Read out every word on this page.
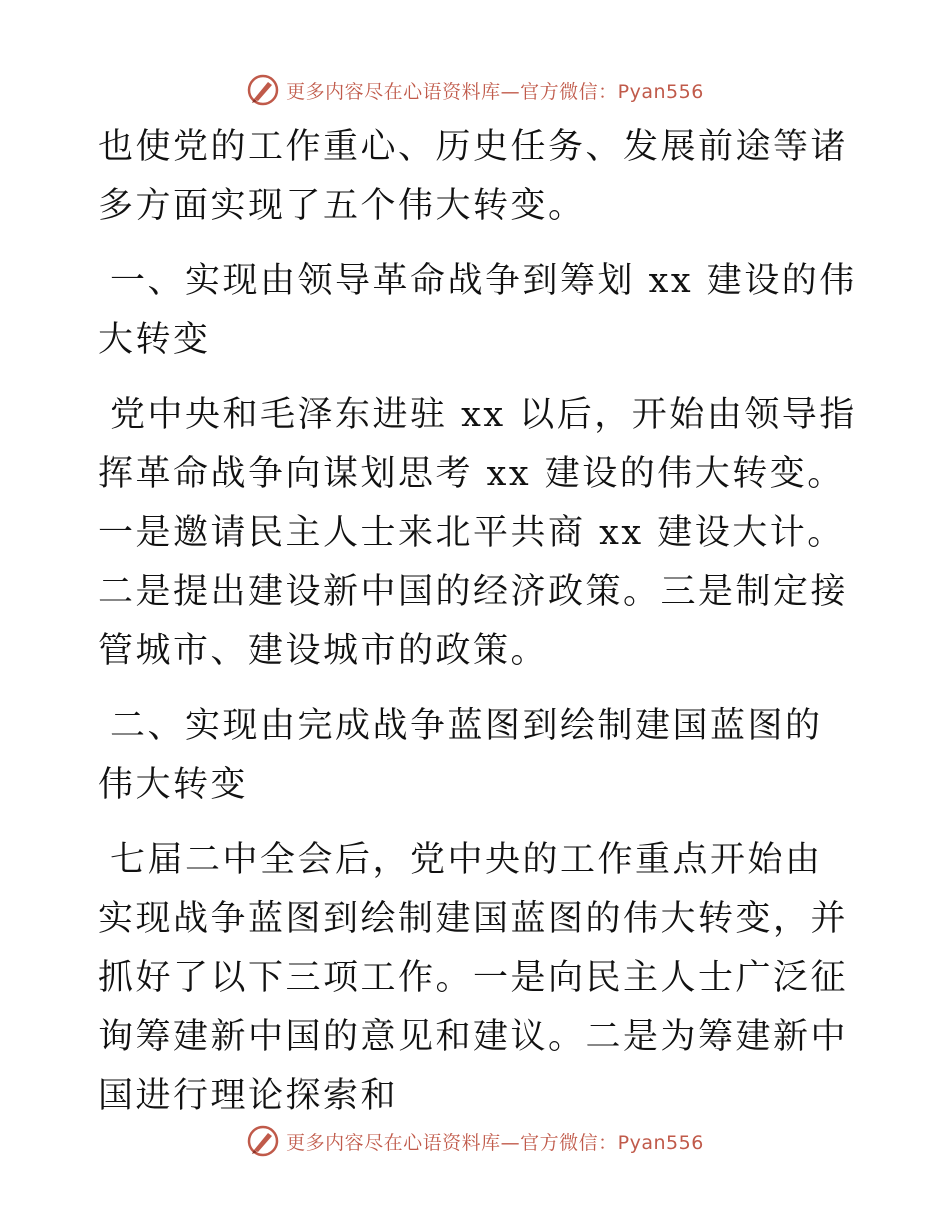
更多内容尽在心语资料库—官方微信：Pyan556

也使党的工作重心、历史任务、发展前途等诸多方面实现了五个伟大转变。

一、实现由领导革命战争到筹划 xx 建设的伟大转变

党中央和毛泽东进驻 xx 以后，开始由领导指挥革命战争向谋划思考 xx 建设的伟大转变。一是邀请民主人士来北平共商 xx 建设大计。二是提出建设新中国的经济政策。三是制定接管城市、建设城市的政策。

二、实现由完成战争蓝图到绘制建国蓝图的伟大转变

七届二中全会后，党中央的工作重点开始由实现战争蓝图到绘制建国蓝图的伟大转变，并抓好了以下三项工作。一是向民主人士广泛征询筹建新中国的意见和建议。二是为筹建新中国进行理论探索和

更多内容尽在心语资料库—官方微信：Pyan556
